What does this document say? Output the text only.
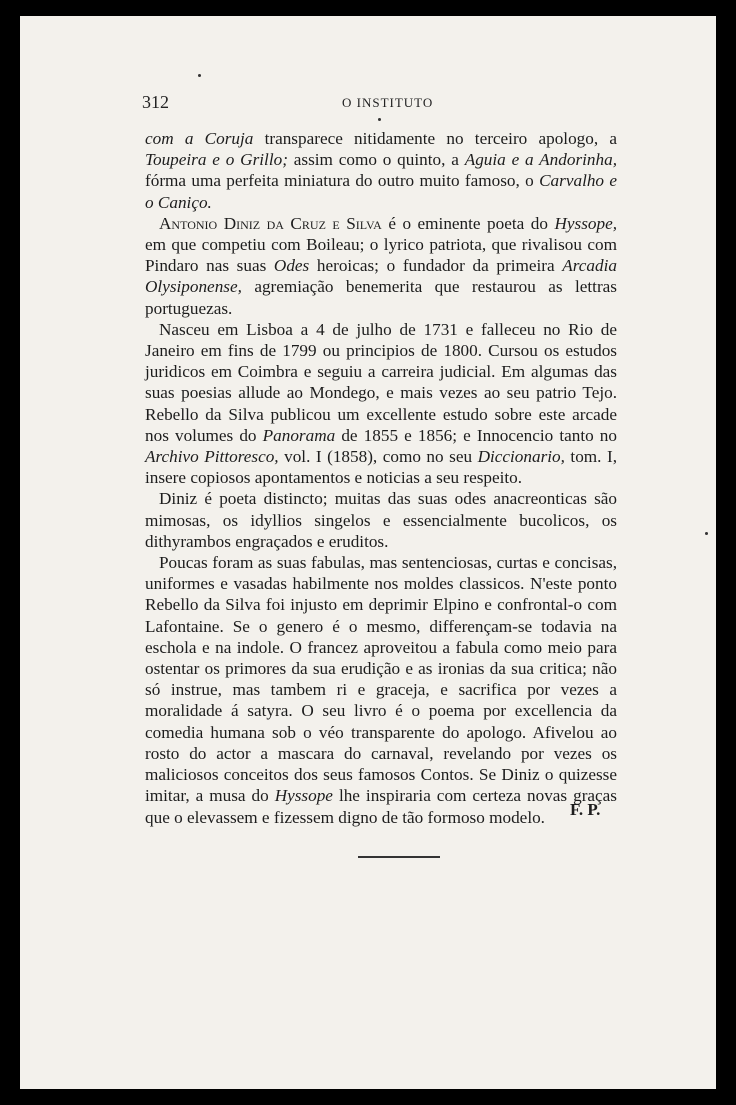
312	O INSTITUTO

com a Coruja transparece nitidamente no terceiro apologo, a Toupeira e o Grillo; assim como o quinto, a Aguia e a Andorinha, fórma uma perfeita miniatura do outro muito famoso, o Carvalho e o Caniço.

Antonio Diniz da Cruz e Silva é o eminente poeta do Hyssope, em que competiu com Boileau; o lyrico patriota, que rivalisou com Pindaro nas suas Odes heroicas; o fundador da primeira Arcadia Olysiponense, agremiação benemerita que restaurou as lettras portuguezas.

Nasceu em Lisboa a 4 de julho de 1731 e falleceu no Rio de Janeiro em fins de 1799 ou principios de 1800. Cursou os estudos juridicos em Coimbra e seguiu a carreira judicial. Em algumas das suas poesias allude ao Mondego, e mais vezes ao seu patrio Tejo. Rebello da Silva publicou um excellente estudo sobre este arcade nos volumes do Panorama de 1855 e 1856; e Innocencio tanto no Archivo Pittoresco, vol. I (1858), como no seu Diccionario, tom. I, insere copiosos apontamentos e noticias a seu respeito.

Diniz é poeta distincto; muitas das suas odes anacreonticas são mimosas, os idyllios singelos e essencialmente bucolicos, os dithyrambos engraçados e eruditos.

Poucas foram as suas fabulas, mas sentenciosas, curtas e concisas, uniformes e vasadas habilmente nos moldes classicos. N'este ponto Rebello da Silva foi injusto em deprimir Elpino e confrontal-o com Lafontaine. Se o genero é o mesmo, differençam-se todavia na eschola e na indole. O francez aproveitou a fabula como meio para ostentar os primores da sua erudição e as ironias da sua critica; não só instrue, mas tambem ri e graceja, e sacrifica por vezes a moralidade á satyra. O seu livro é o poema por excellencia da comedia humana sob o véo transparente do apologo. Afivelou ao rosto do actor a mascara do carnaval, revelando por vezes os maliciosos conceitos dos seus famosos Contos. Se Diniz o quizesse imitar, a musa do Hyssope lhe inspiraria com certeza novas graças que o elevassem e fizessem digno de tão formoso modelo.	F. P.
